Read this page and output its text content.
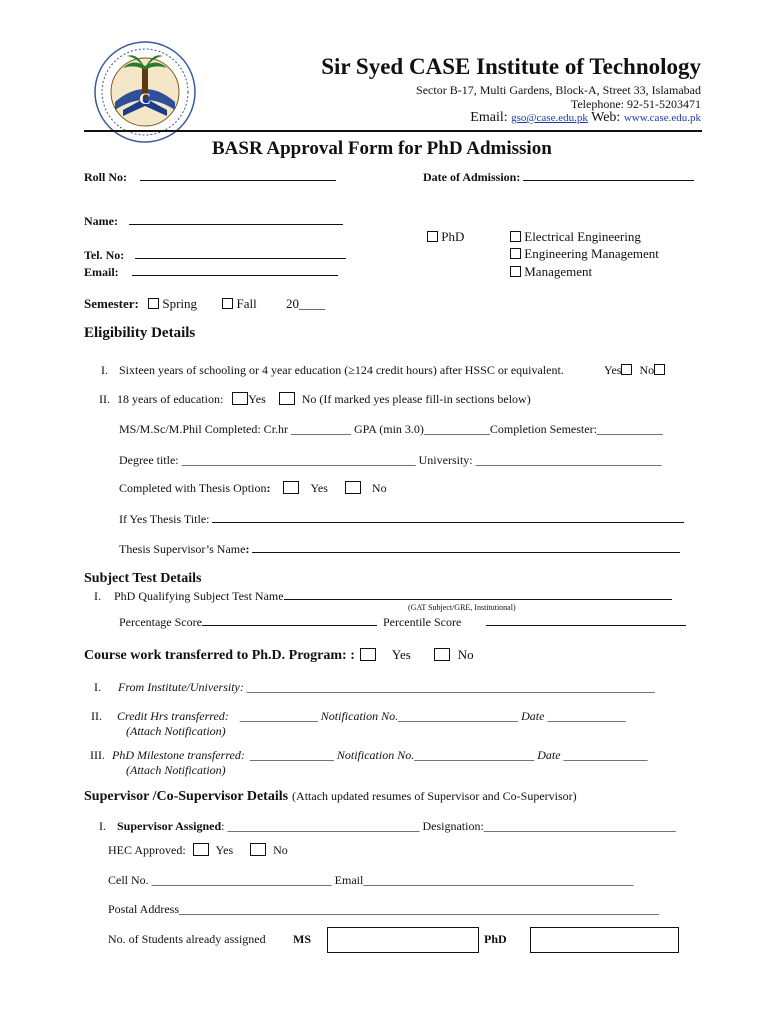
C
Sir Syed CASE Institute of Technology
Sector B-17, Multi Gardens, Block-A, Street 33, Islamabad
Telephone: 92-51-5203471
Email: gso@case.edu.pk Web: www.case.edu.pk
BASR Approval Form for PhD Admission
Roll No:	Date of Admission:
Name:
Tel. No:
Email:
PhD	Electrical Engineering
Engineering Management
Management
Semester: Spring	Fall 20____
Eligibility Details
I. Sixteen years of schooling or 4 year education (≥124 credit hours) after HSSC or equivalent.	Yes No
II. 18 years of education: Yes	No (If marked yes please fill-in sections below)
MS/M.Sc/M.Phil Completed: Cr.hr __________ GPA (min 3.0)___________Completion Semester:___________
Degree title: _______________________________________ University: _______________________________
Completed with Thesis Option:	Yes	No
If Yes Thesis Title:
Thesis Supervisor’s Name:
Subject Test Details
I. PhD Qualifying Subject Test Name
(GAT Subject/GRE, Institutional)
Percentage Score	Percentile Score
Course work transferred to Ph.D. Program: :	Yes	No
I. From Institute/University: ____________________________________________________________________
II. Credit Hrs transferred: _____________ Notification No.____________________ Date _____________
(Attach Notification)
III. PhD Milestone transferred: ______________ Notification No.____________________ Date ______________
(Attach Notification)
Supervisor /Co-Supervisor Details (Attach updated resumes of Supervisor and Co-Supervisor)
I. Supervisor Assigned: ________________________________ Designation:________________________________
HEC Approved:	Yes	No
Cell No. ______________________________ Email_____________________________________________
Postal Address________________________________________________________________________________
No. of Students already assigned MS	PhD
